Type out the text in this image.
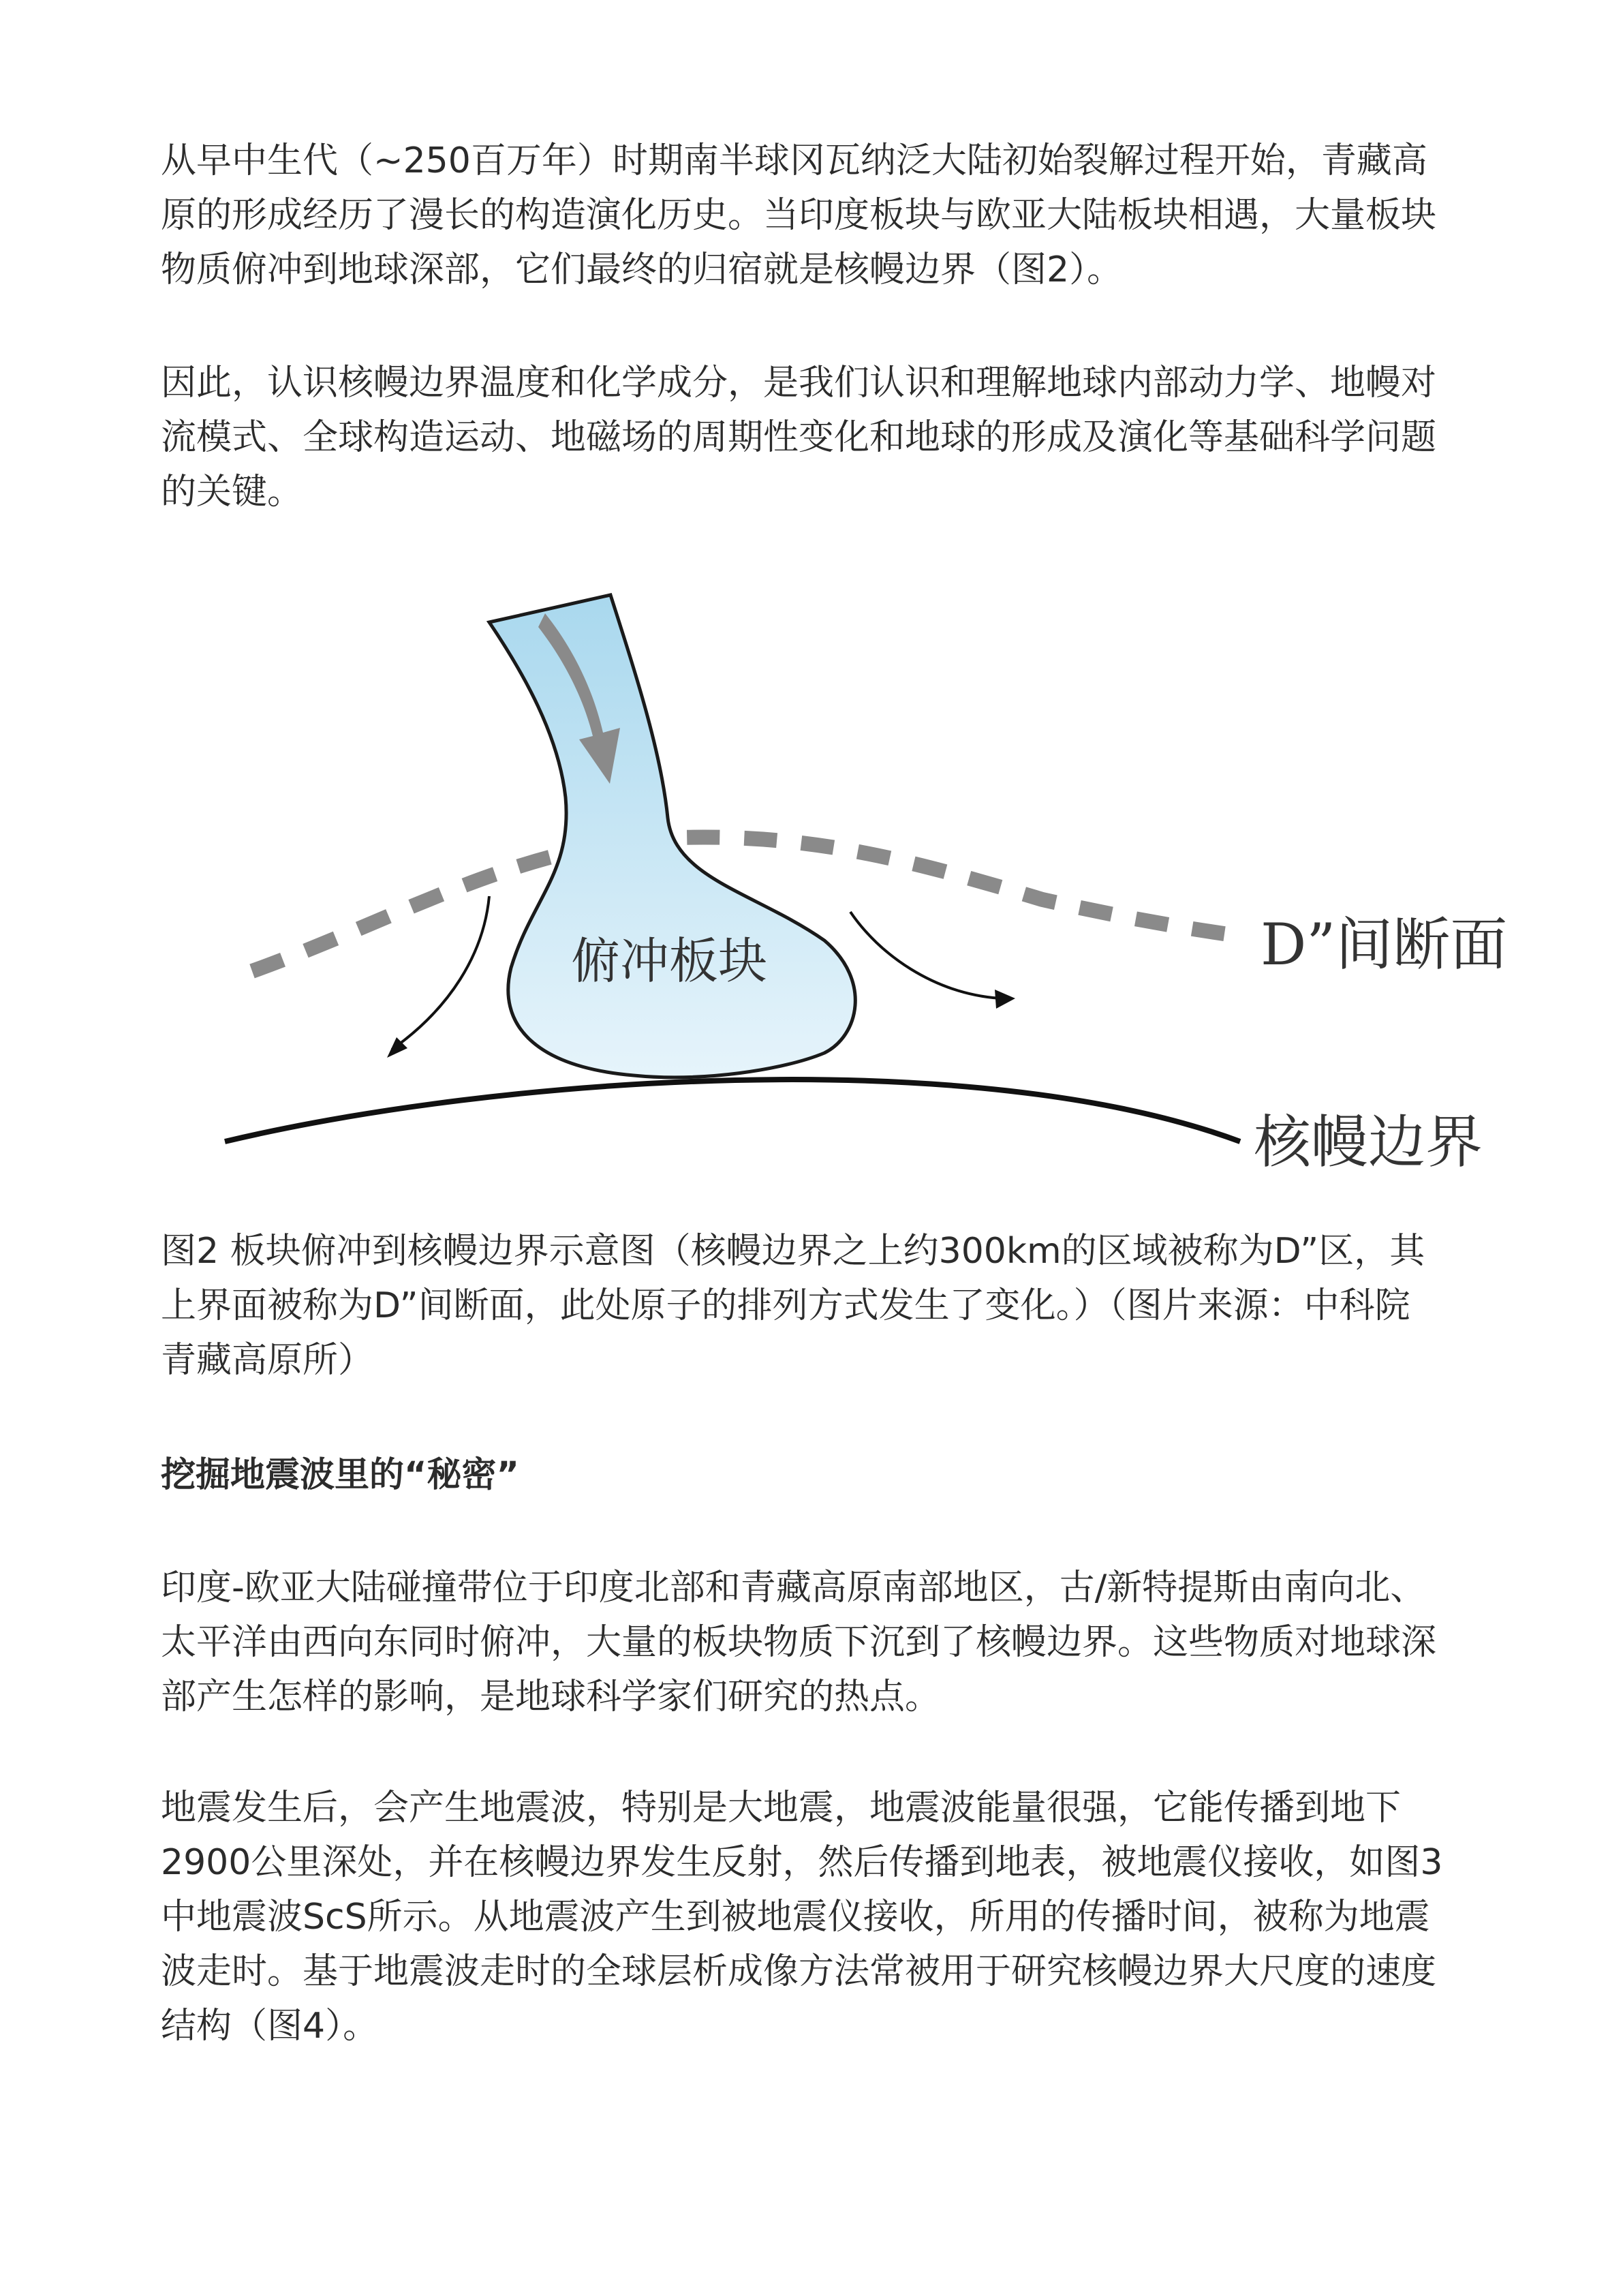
从早中生代（~250百万年）时期南半球冈瓦纳泛大陆初始裂解过程开始，青藏高
原的形成经历了漫长的构造演化历史。当印度板块与欧亚大陆板块相遇，大量板块
物质俯冲到地球深部，它们最终的归宿就是核幔边界（图2）。
因此，认识核幔边界温度和化学成分，是我们认识和理解地球内部动力学、地幔对
流模式、全球构造运动、地磁场的周期性变化和地球的形成及演化等基础科学问题
的关键。
俯冲板块	D”间断面
核幔边界
图2 板块俯冲到核幔边界示意图（核幔边界之上约300km的区域被称为D”区，其
上界面被称为D”间断面，此处原子的排列方式发生了变化。）（图片来源：中科院
青藏高原所）
挖掘地震波里的“秘密”
印度-欧亚大陆碰撞带位于印度北部和青藏高原南部地区，古/新特提斯由南向北、
太平洋由西向东同时俯冲，大量的板块物质下沉到了核幔边界。这些物质对地球深
部产生怎样的影响，是地球科学家们研究的热点。
地震发生后，会产生地震波，特别是大地震，地震波能量很强，它能传播到地下
2900公里深处，并在核幔边界发生反射，然后传播到地表，被地震仪接收，如图3
中地震波ScS所示。从地震波产生到被地震仪接收，所用的传播时间，被称为地震
波走时。基于地震波走时的全球层析成像方法常被用于研究核幔边界大尺度的速度
结构（图4）。
